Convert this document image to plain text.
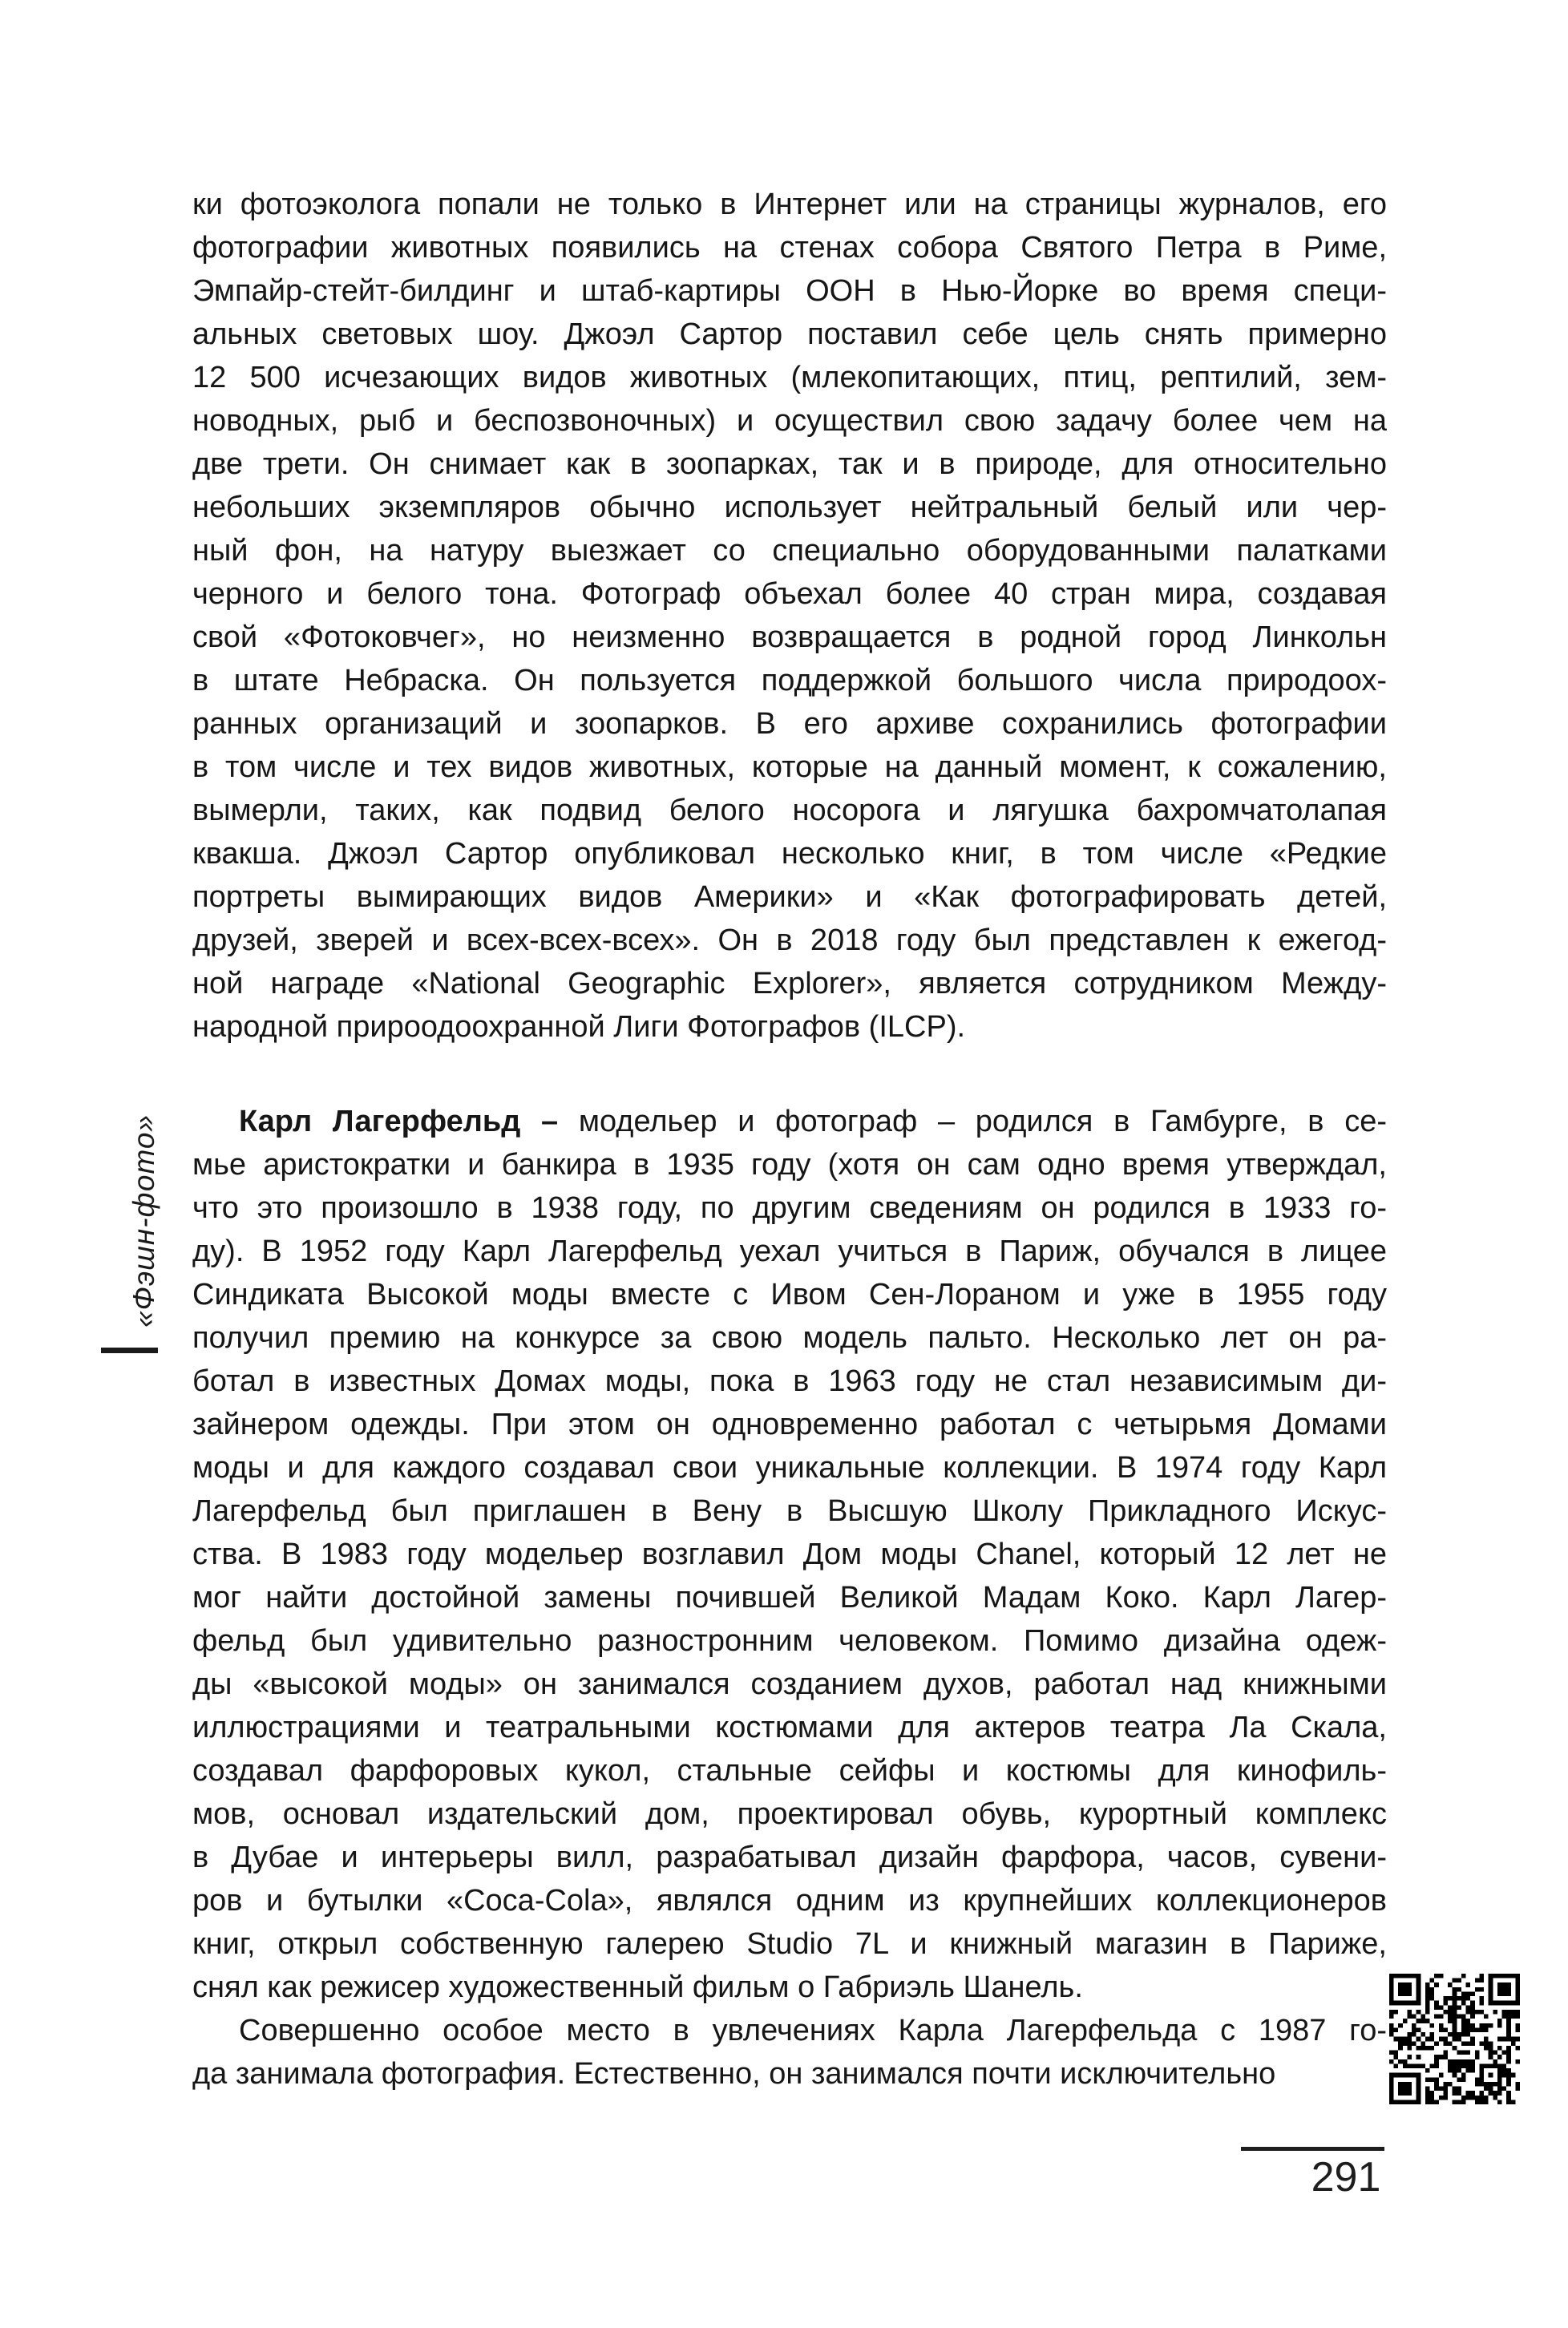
«Фэшн-фото»
ки фотоэколога попали не только в Интернет или на страницы журналов, его
фотографии животных появились на стенах собора Святого Петра в Риме,
Эмпайр-стейт-билдинг и штаб-картиры ООН в Нью-Йорке во время специ-
альных световых шоу. Джоэл Сартор поставил себе цель снять примерно
12 500 исчезающих видов животных (млекопитающих, птиц, рептилий, зем-
новодных, рыб и беспозвоночных) и осуществил свою задачу более чем на
две трети. Он снимает как в зоопарках, так и в природе, для относительно
небольших экземпляров обычно использует нейтральный белый или чер-
ный фон, на натуру выезжает со специально оборудованными палатками
черного и белого тона. Фотограф объехал более 40 стран мира, создавая
свой «Фотоковчег», но неизменно возвращается в родной город Линкольн
в штате Небраска. Он пользуется поддержкой большого числа природоох-
ранных организаций и зоопарков. В его архиве сохранились фотографии
в том числе и тех видов животных, которые на данный момент, к сожалению,
вымерли, таких, как подвид белого носорога и лягушка бахромчатолапая
квакша. Джоэл Сартор опубликовал несколько книг, в том числе «Редкие
портреты вымирающих видов Америки» и «Как фотографировать детей,
друзей, зверей и всех-всех-всех». Он в 2018 году был представлен к ежегод-
ной награде «National Geographic Explorer», является сотрудником Между-
народной прироодоохранной Лиги Фотографов (ILCP).
Карл Лагерфельд – модельер и фотограф – родился в Гамбурге, в се-
мье аристократки и банкира в 1935 году (хотя он сам одно время утверждал,
что это произошло в 1938 году, по другим сведениям он родился в 1933 го-
ду). В 1952 году Карл Лагерфельд уехал учиться в Париж, обучался в лицее
Синдиката Высокой моды вместе с Ивом Сен-Лораном и уже в 1955 году
получил премию на конкурсе за свою модель пальто. Несколько лет он ра-
ботал в известных Домах моды, пока в 1963 году не стал независимым ди-
зайнером одежды. При этом он одновременно работал с четырьмя Домами
моды и для каждого создавал свои уникальные коллекции. В 1974 году Карл
Лагерфельд был приглашен в Вену в Высшую Школу Прикладного Искус-
ства. В 1983 году модельер возглавил Дом моды Chanel, который 12 лет не
мог найти достойной замены почившей Великой Мадам Коко. Карл Лагер-
фельд был удивительно разностронним человеком. Помимо дизайна одеж-
ды «высокой моды» он занимался созданием духов, работал над книжными
иллюстрациями и театральными костюмами для актеров театра Ла Скала,
создавал фарфоровых кукол, стальные сейфы и костюмы для кинофиль-
мов, основал издательский дом, проектировал обувь, курортный комплекс
в Дубае и интерьеры вилл, разрабатывал дизайн фарфора, часов, сувени-
ров и бутылки «Coca-Cola», являлся одним из крупнейших коллекционеров
книг, открыл собственную галерею Studio 7L и книжный магазин в Париже,
снял как режисер художественный фильм о Габриэль Шанель.
Совершенно особое место в увлечениях Карла Лагерфельда с 1987 го-
да занимала фотография. Естественно, он занимался почти исключительно
291
